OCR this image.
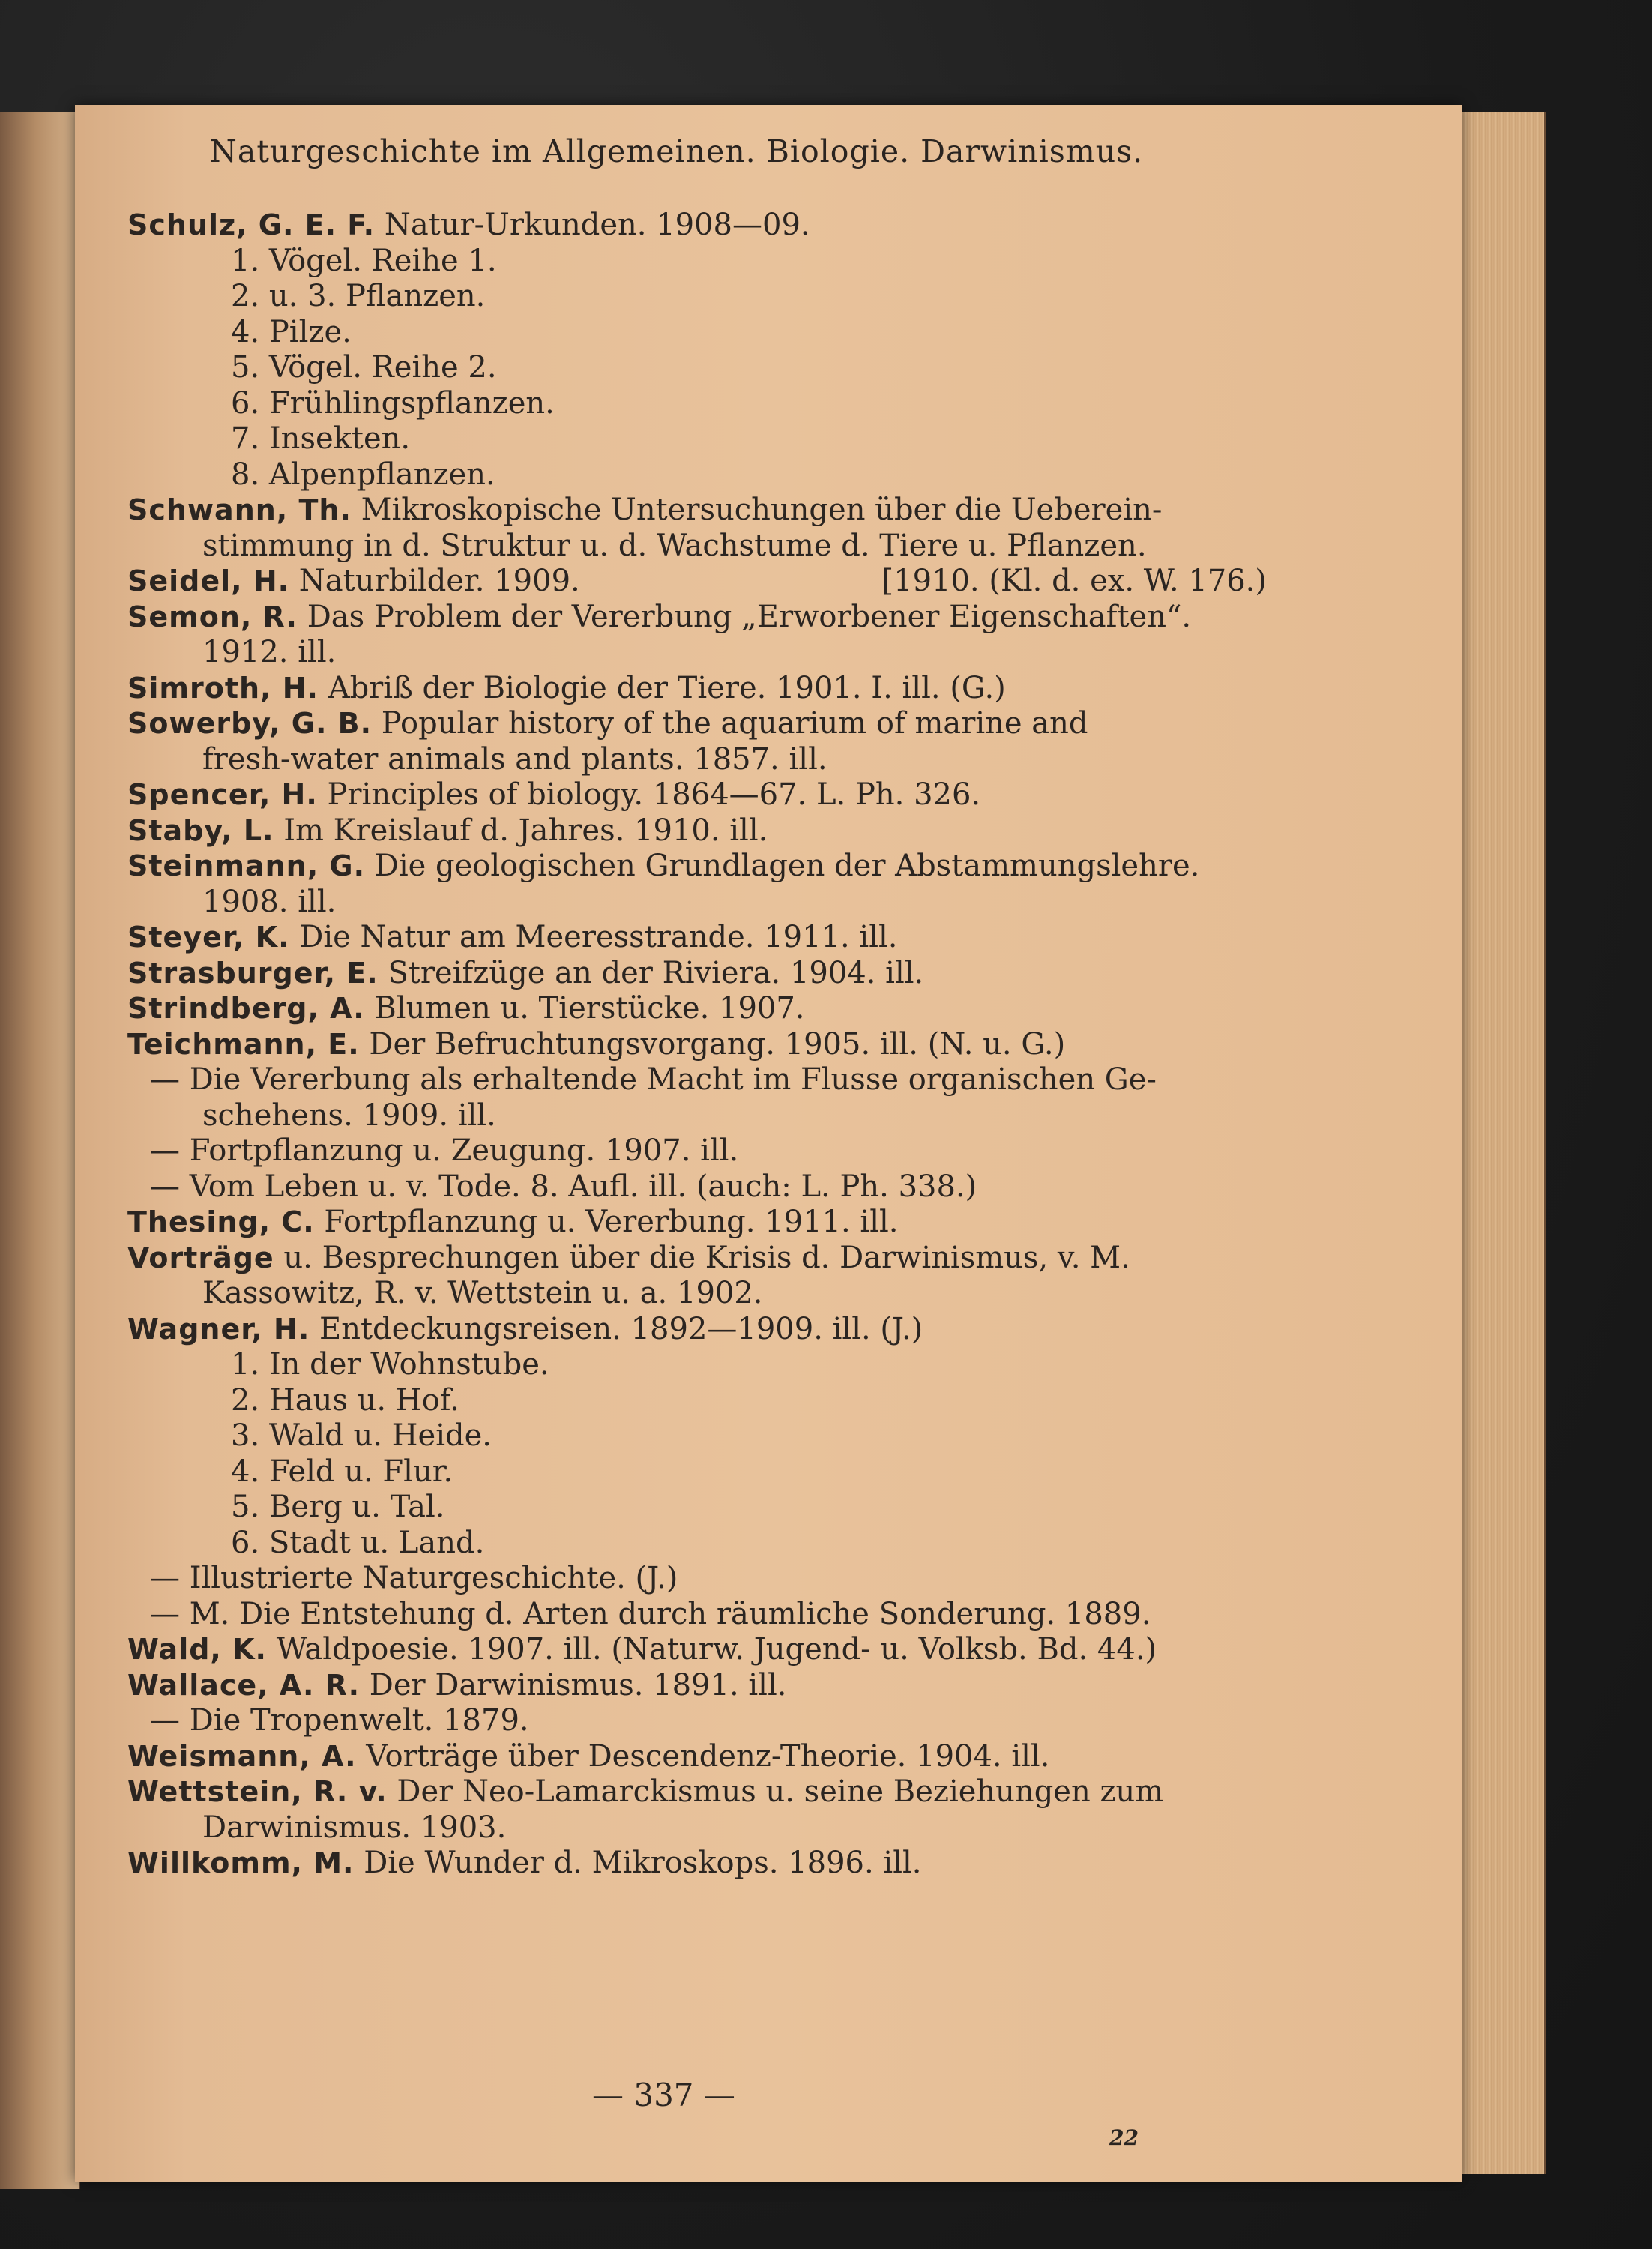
Naturgeschichte im Allgemeinen. Biologie. Darwinismus.
Schulz, G. E. F. Natur-Urkunden. 1908—09.
1. Vögel. Reihe 1.
2. u. 3. Pflanzen.
4. Pilze.
5. Vögel. Reihe 2.
6. Frühlingspflanzen.
7. Insekten.
8. Alpenpflanzen.
Schwann, Th. Mikroskopische Untersuchungen über die Ueberein-
stimmung in d. Struktur u. d. Wachstume d. Tiere u. Pflanzen.
Seidel, H. Naturbilder. 1909.	[1910. (Kl. d. ex. W. 176.)
Semon, R. Das Problem der Vererbung „Erworbener Eigenschaften“.
1912. ill.
Simroth, H. Abriß der Biologie der Tiere. 1901. I. ill. (G.)
Sowerby, G. B. Popular history of the aquarium of marine and
fresh-water animals and plants. 1857. ill.
Spencer, H. Principles of biology. 1864—67. L. Ph. 326.
Staby, L. Im Kreislauf d. Jahres. 1910. ill.
Steinmann, G. Die geologischen Grundlagen der Abstammungslehre.
1908. ill.
Steyer, K. Die Natur am Meeresstrande. 1911. ill.
Strasburger, E. Streifzüge an der Riviera. 1904. ill.
Strindberg, A. Blumen u. Tierstücke. 1907.
Teichmann, E. Der Befruchtungsvorgang. 1905. ill. (N. u. G.)
— Die Vererbung als erhaltende Macht im Flusse organischen Ge-
schehens. 1909. ill.
— Fortpflanzung u. Zeugung. 1907. ill.
— Vom Leben u. v. Tode. 8. Aufl. ill. (auch: L. Ph. 338.)
Thesing, C. Fortpflanzung u. Vererbung. 1911. ill.
Vorträge u. Besprechungen über die Krisis d. Darwinismus, v. M.
Kassowitz, R. v. Wettstein u. a. 1902.
Wagner, H. Entdeckungsreisen. 1892—1909. ill. (J.)
1. In der Wohnstube.
2. Haus u. Hof.
3. Wald u. Heide.
4. Feld u. Flur.
5. Berg u. Tal.
6. Stadt u. Land.
— Illustrierte Naturgeschichte. (J.)
— M. Die Entstehung d. Arten durch räumliche Sonderung. 1889.
Wald, K. Waldpoesie. 1907. ill. (Naturw. Jugend- u. Volksb. Bd. 44.)
Wallace, A. R. Der Darwinismus. 1891. ill.
— Die Tropenwelt. 1879.
Weismann, A. Vorträge über Descendenz-Theorie. 1904. ill.
Wettstein, R. v. Der Neo-Lamarckismus u. seine Beziehungen zum
Darwinismus. 1903.
Willkomm, M. Die Wunder d. Mikroskops. 1896. ill.
— 337 —
22
